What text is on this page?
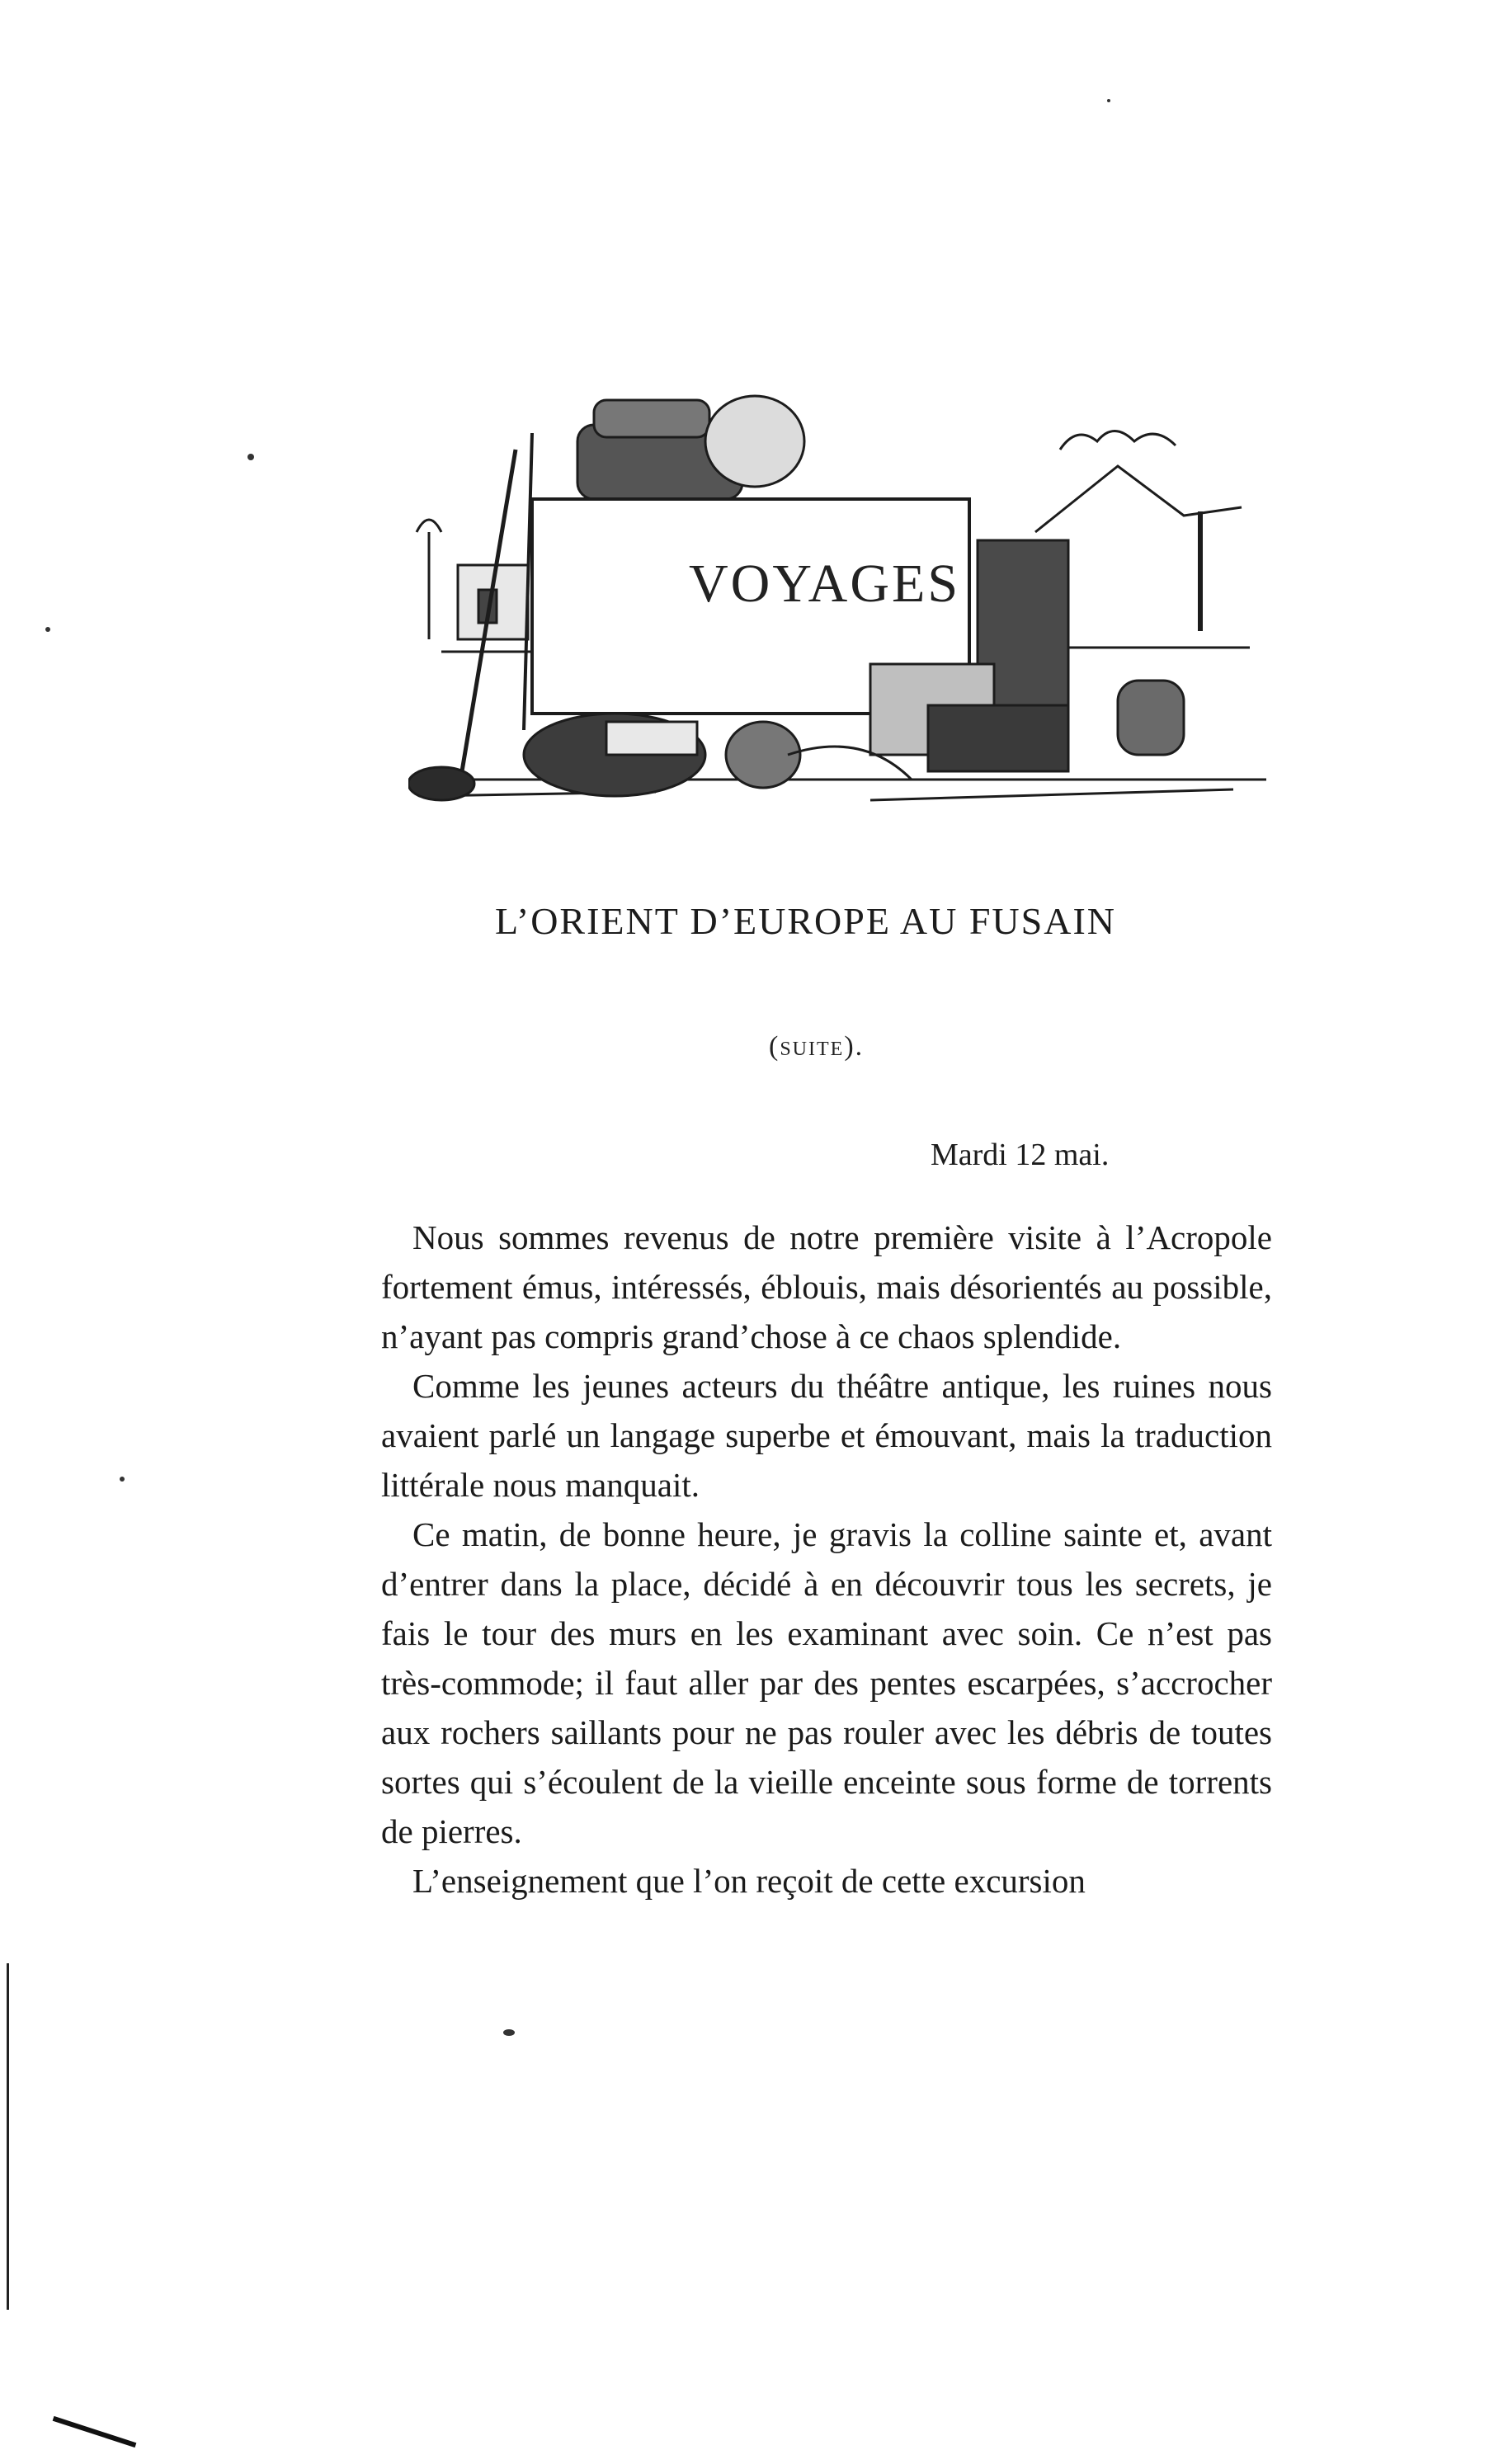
VOYAGES
L’ORIENT D’EUROPE AU FUSAIN
(suite).
Mardi 12 mai.

Nous sommes revenus de notre première visite à l’Acropole fortement émus, intéressés, éblouis, mais désorientés au possible, n’ayant pas compris grand’chose à ce chaos splendide.

Comme les jeunes acteurs du théâtre antique, les ruines nous avaient parlé un langage superbe et émouvant, mais la traduction littérale nous manquait.

Ce matin, de bonne heure, je gravis la colline sainte et, avant d’entrer dans la place, décidé à en découvrir tous les secrets, je fais le tour des murs en les examinant avec soin. Ce n’est pas très-commode; il faut aller par des pentes escarpées, s’accrocher aux rochers saillants pour ne pas rouler avec les débris de toutes sortes qui s’écoulent de la vieille enceinte sous forme de torrents de pierres.

L’enseignement que l’on reçoit de cette excursion
